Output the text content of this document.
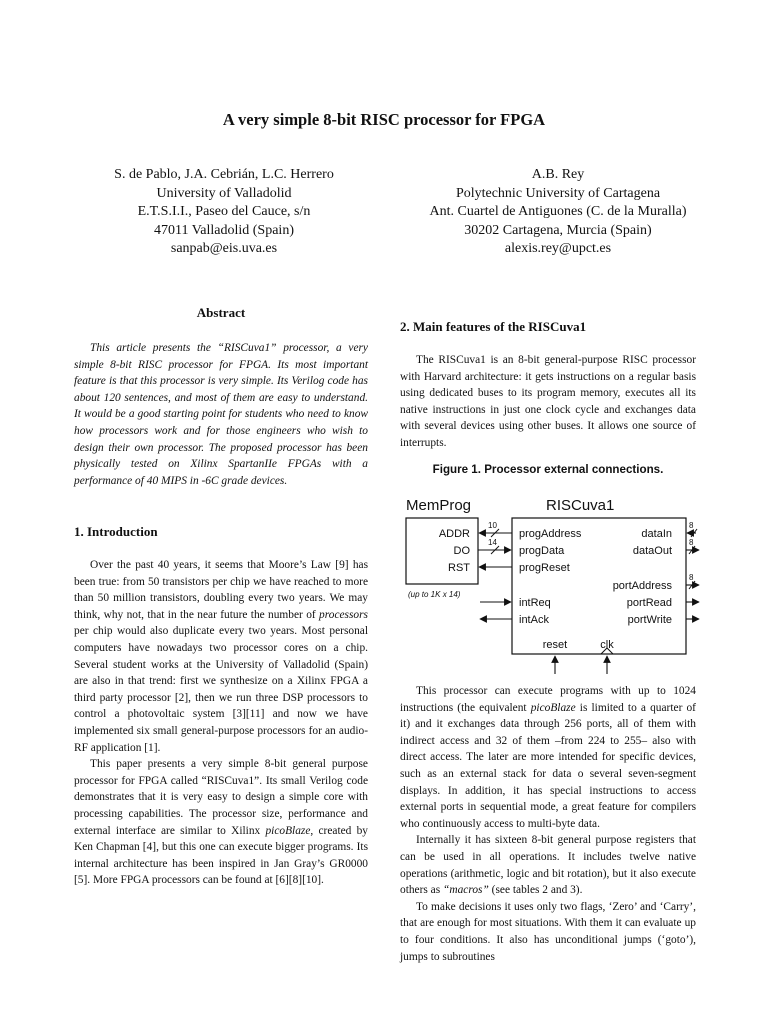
A very simple 8-bit RISC processor for FPGA
S. de Pablo, J.A. Cebrián, L.C. Herrero
University of Valladolid
E.T.S.I.I., Paseo del Cauce, s/n
47011 Valladolid (Spain)
sanpab@eis.uva.es
A.B. Rey
Polytechnic University of Cartagena
Ant. Cuartel de Antiguones (C. de la Muralla)
30202 Cartagena, Murcia (Spain)
alexis.rey@upct.es
Abstract

This article presents the “RISCuva1” processor, a very simple 8-bit RISC processor for FPGA. Its most important feature is that this processor is very simple. Its Verilog code has about 120 sentences, and most of them are easy to understand. It would be a good starting point for students who need to know how processors work and for those engineers who wish to design their own processor. The proposed processor has been physically tested on Xilinx SpartanIIe FPGAs with a performance of 40 MIPS in -6C grade devices.

1. Introduction

Over the past 40 years, it seems that Moore’s Law [9] has been true: from 50 transistors per chip we have reached to more than 50 million transistors, doubling every two years. We may think, why not, that in the near future the number of processors per chip would also duplicate every two years. Most personal computers have nowadays two processor cores on a chip. Several student works at the University of Valladolid (Spain) are also in that trend: first we synthesize on a Xilinx FPGA a third party processor [2], then we run three DSP processors to control a photovoltaic system [3][11] and now we have implemented six small general-purpose processors for an audio-RF application [1].

This paper presents a very simple 8-bit general purpose processor for FPGA called “RISCuva1”. Its small Verilog code demonstrates that it is very easy to design a simple core with processing capabilities. The processor size, performance and external interface are similar to Xilinx picoBlaze, created by Ken Chapman [4], but this one can execute bigger programs. Its internal architecture has been inspired in Jan Gray’s GR0000 [5]. More FPGA processors can be found at [6][8][10].

2. Main features of the RISCuva1

The RISCuva1 is an 8-bit general-purpose RISC processor with Harvard architecture: it gets instructions on a regular basis using dedicated buses to its program memory, executes all its native instructions in just one clock cycle and exchanges data with several devices using other buses. It allows one source of interrupts.

Figure 1. Processor external connections.
MemProg	RISCuva1
ADDR
DO
RST
(up to 1K x 14)
progAddress
progData
progReset
intReq
intAck
dataIn
dataOut
portAddress
portRead
portWrite
reset	clk
10
14
8
8
8

This processor can execute programs with up to 1024 instructions (the equivalent picoBlaze is limited to a quarter of it) and it exchanges data through 256 ports, all of them with indirect access and 32 of them –from 224 to 255– also with direct access. The later are more intended for specific devices, such as an external stack for data o several seven-segment displays. In addition, it has special instructions to access external ports in sequential mode, a great feature for compilers who continuously access to multi-byte data.

Internally it has sixteen 8-bit general purpose registers that can be used in all operations. It includes twelve native operations (arithmetic, logic and bit rotation), but it also execute others as “macros” (see tables 2 and 3).

To make decisions it uses only two flags, ‘Zero’ and ‘Carry’, that are enough for most situations. With them it can evaluate up to four conditions. It also has unconditional jumps (‘goto’), jumps to subroutines
